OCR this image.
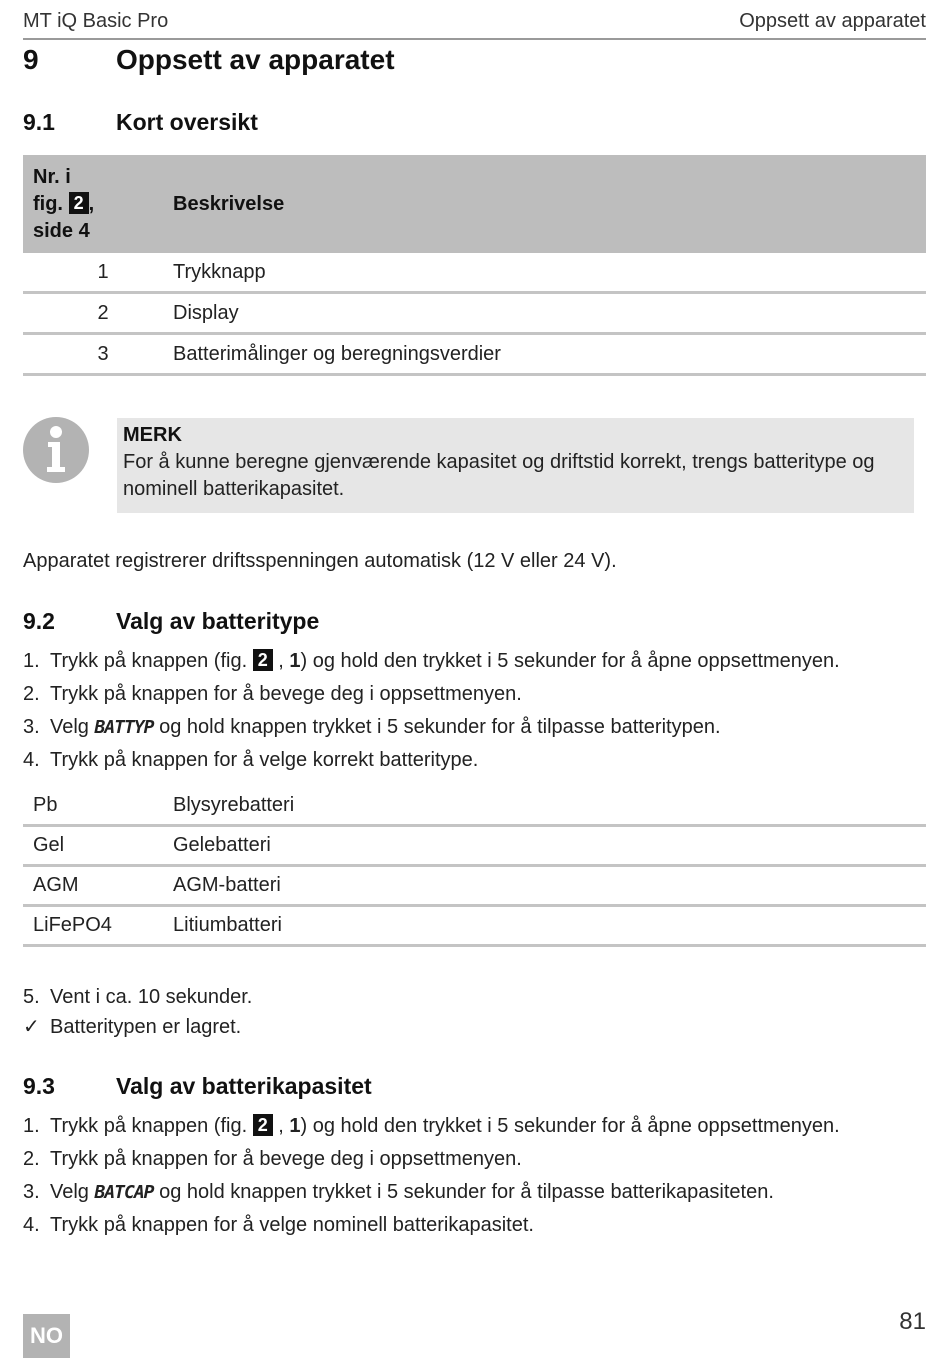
MT iQ Basic Pro	Oppsett av apparatet
9	Oppsett av apparatet
9.1	Kort oversikt
Nr. i
fig. 2 ,
side 4	Beskrivelse
1	Trykknapp
2	Display
3	Batterimålinger og beregningsverdier
MERK
For å kunne beregne gjenværende kapasitet og driftstid korrekt, trengs batteritype og nominell batterikapasitet.
Apparatet registrerer driftsspenningen automatisk (12 V eller 24 V).
9.2	Valg av batteritype
1. Trykk på knappen (fig. 2 , 1) og hold den trykket i 5 sekunder for å åpne oppsettmenyen.
2. Trykk på knappen for å bevege deg i oppsettmenyen.
3. Velg BATTYP og hold knappen trykket i 5 sekunder for å tilpasse batteritypen.
4. Trykk på knappen for å velge korrekt batteritype.
Pb	Blysyrebatteri
Gel	Gelebatteri
AGM	AGM-batteri
LiFePO4	Litiumbatteri
5. Vent i ca. 10 sekunder.
✓ Batteritypen er lagret.
9.3	Valg av batterikapasitet
1. Trykk på knappen (fig. 2 , 1) og hold den trykket i 5 sekunder for å åpne oppsettmenyen.
2. Trykk på knappen for å bevege deg i oppsettmenyen.
3. Velg BATCAP og hold knappen trykket i 5 sekunder for å tilpasse batterikapasiteten.
4. Trykk på knappen for å velge nominell batterikapasitet.
NO
81
